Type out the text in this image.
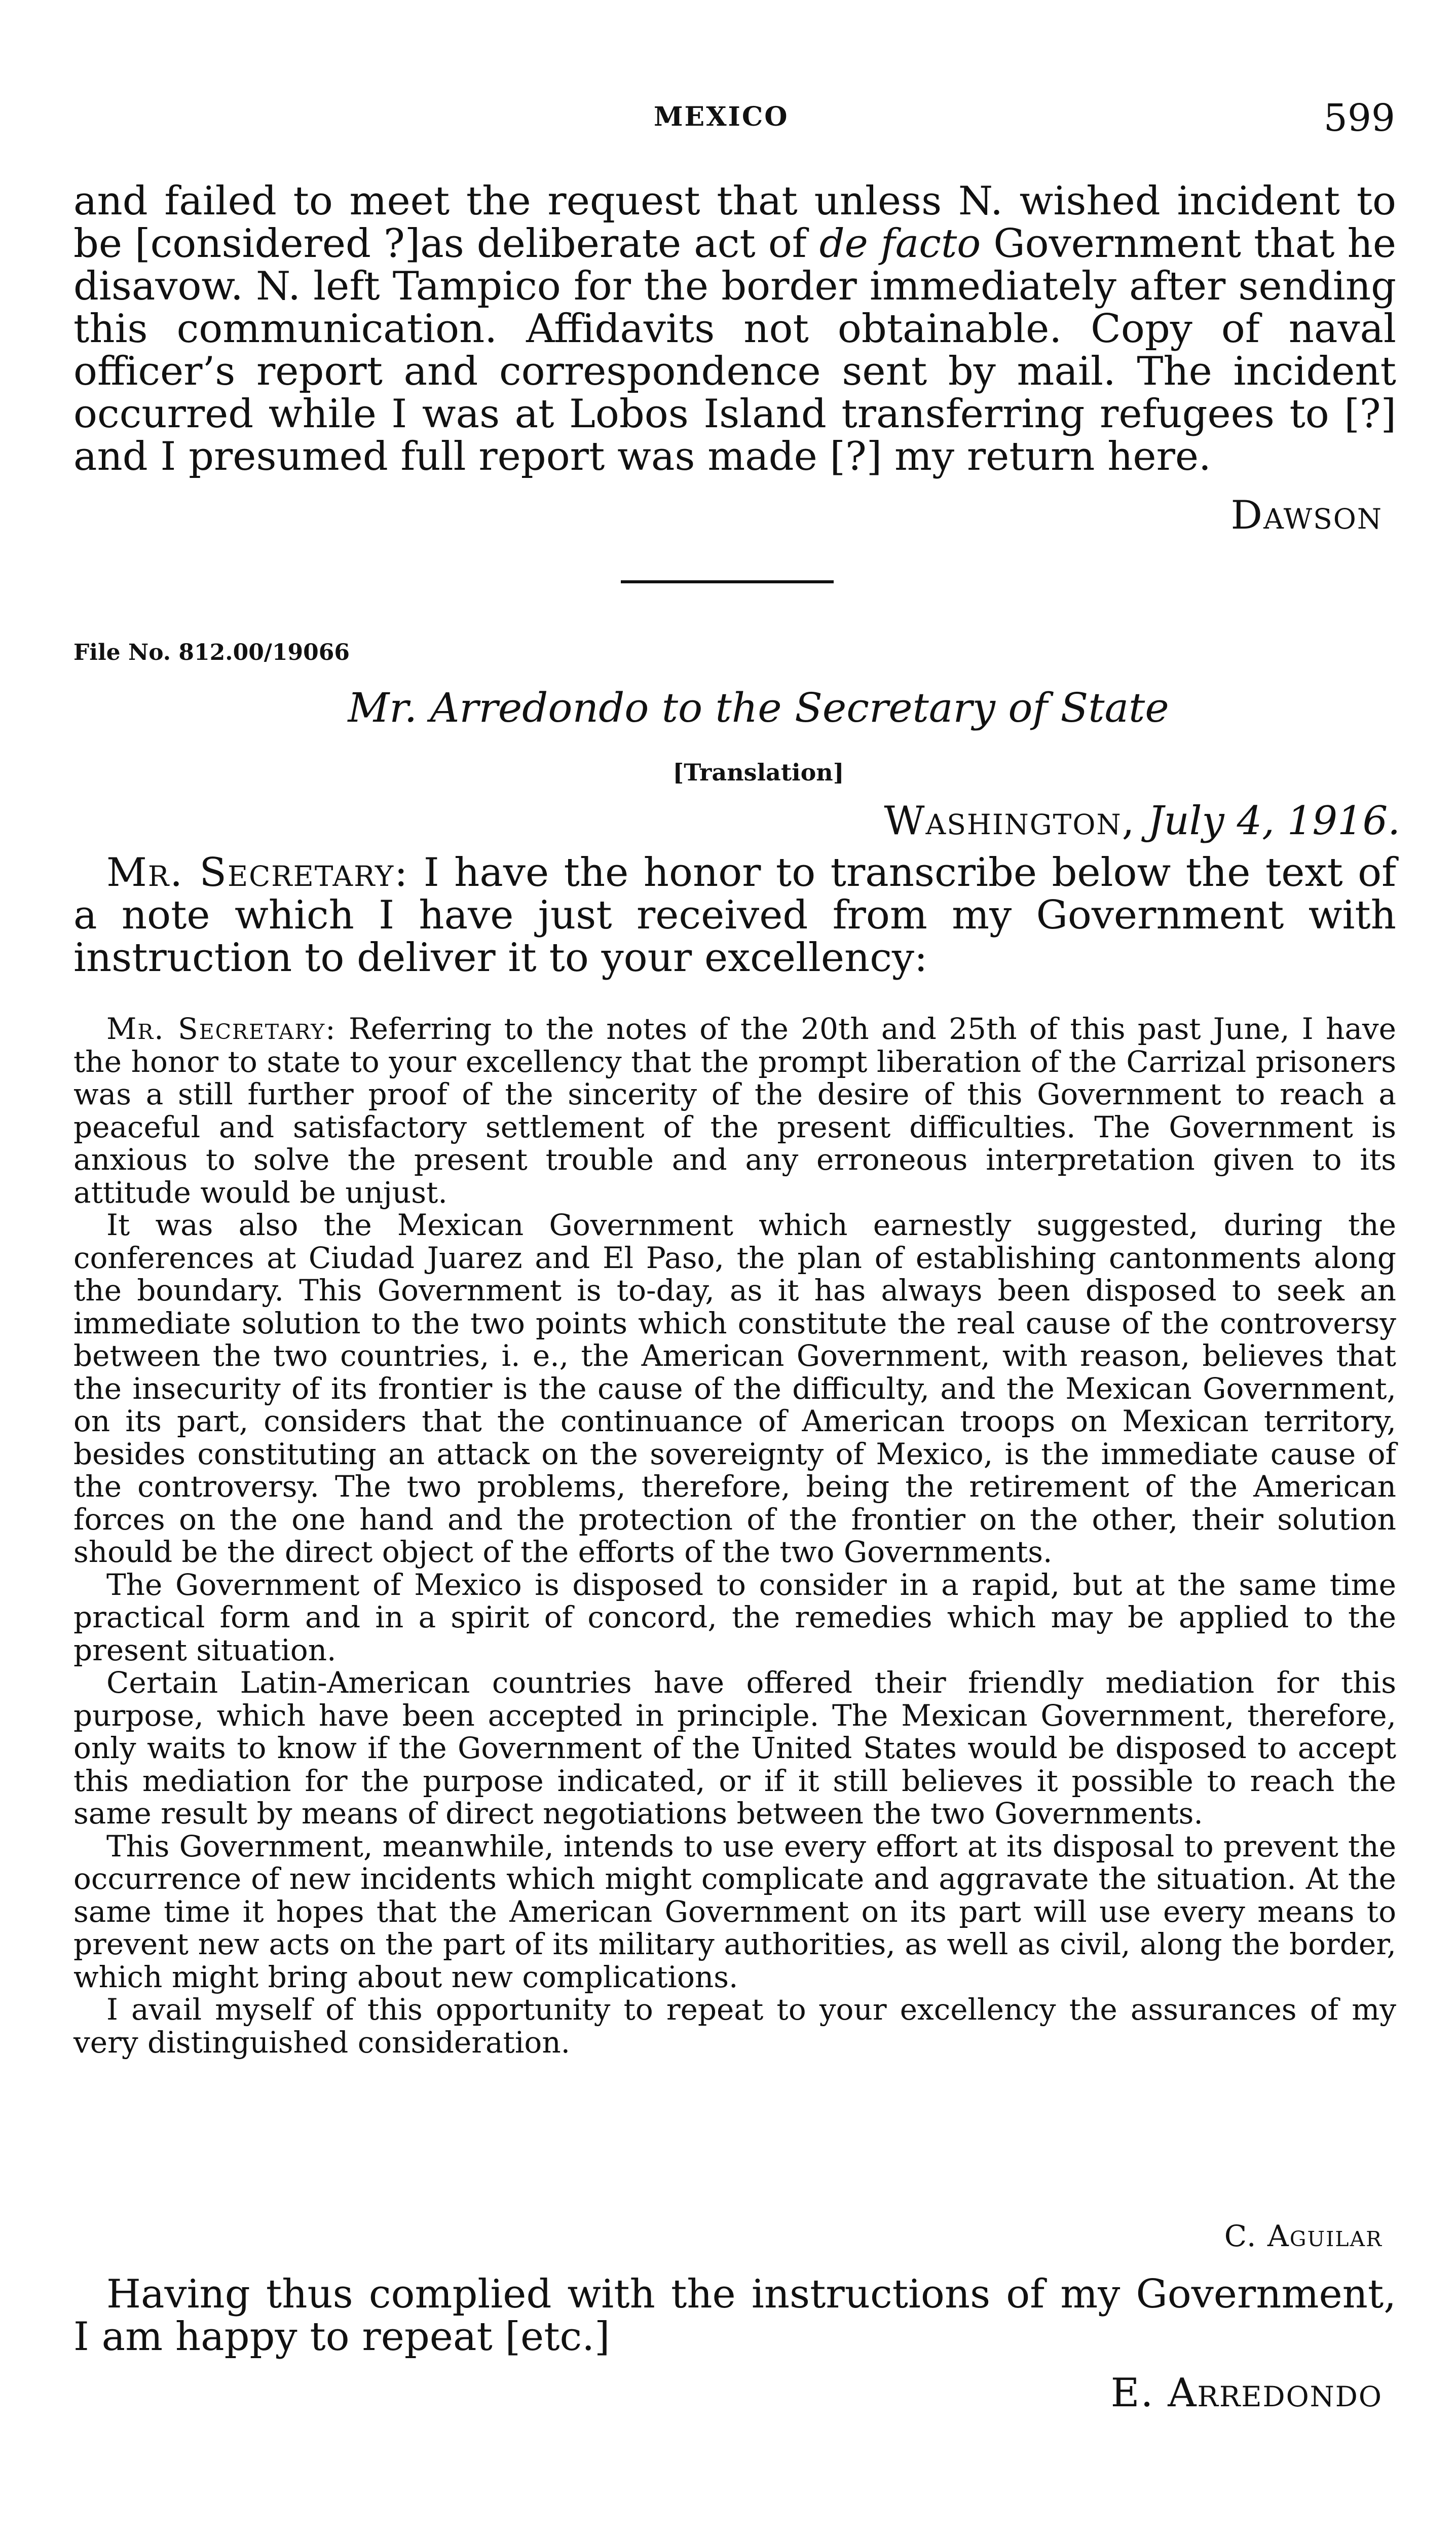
MEXICO	599
and failed to meet the request that unless N. wished incident to be [considered ?]as deliberate act of de facto Government that he disavow. N. left Tampico for the border immediately after sending this communication. Affidavits not obtainable. Copy of naval officer’s report and correspondence sent by mail. The incident occurred while I was at Lobos Island transferring refugees to [?] and I presumed full report was made [?] my return here.
Dawson
File No. 812.00/19066
Mr. Arredondo to the Secretary of State
[Translation]
Washington, July 4, 1916.
Mr. Secretary: I have the honor to transcribe below the text of a note which I have just received from my Government with instruction to deliver it to your excellency:

Mr. Secretary: Referring to the notes of the 20th and 25th of this past June, I have the honor to state to your excellency that the prompt liberation of the Carrizal prisoners was a still further proof of the sincerity of the desire of this Government to reach a peaceful and satisfactory settlement of the present difficulties. The Government is anxious to solve the present trouble and any erroneous interpretation given to its attitude would be unjust.

It was also the Mexican Government which earnestly suggested, during the conferences at Ciudad Juarez and El Paso, the plan of establishing cantonments along the boundary. This Government is to-day, as it has always been disposed to seek an immediate solution to the two points which constitute the real cause of the controversy between the two countries, i. e., the American Government, with reason, believes that the insecurity of its frontier is the cause of the difficulty, and the Mexican Government, on its part, considers that the continuance of American troops on Mexican territory, besides constituting an attack on the sovereignty of Mexico, is the immediate cause of the controversy. The two problems, therefore, being the retirement of the American forces on the one hand and the protection of the frontier on the other, their solution should be the direct object of the efforts of the two Governments.

The Government of Mexico is disposed to consider in a rapid, but at the same time practical form and in a spirit of concord, the remedies which may be applied to the present situation.

Certain Latin-American countries have offered their friendly mediation for this purpose, which have been accepted in principle. The Mexican Government, therefore, only waits to know if the Government of the United States would be disposed to accept this mediation for the purpose indicated, or if it still believes it possible to reach the same result by means of direct negotiations between the two Governments.

This Government, meanwhile, intends to use every effort at its disposal to prevent the occurrence of new incidents which might complicate and aggravate the situation. At the same time it hopes that the American Government on its part will use every means to prevent new acts on the part of its military authorities, as well as civil, along the border, which might bring about new complications.

I avail myself of this opportunity to repeat to your excellency the assurances of my very distinguished consideration.

C. Aguilar
Having thus complied with the instructions of my Government, I am happy to repeat [etc.]
E. Arredondo
